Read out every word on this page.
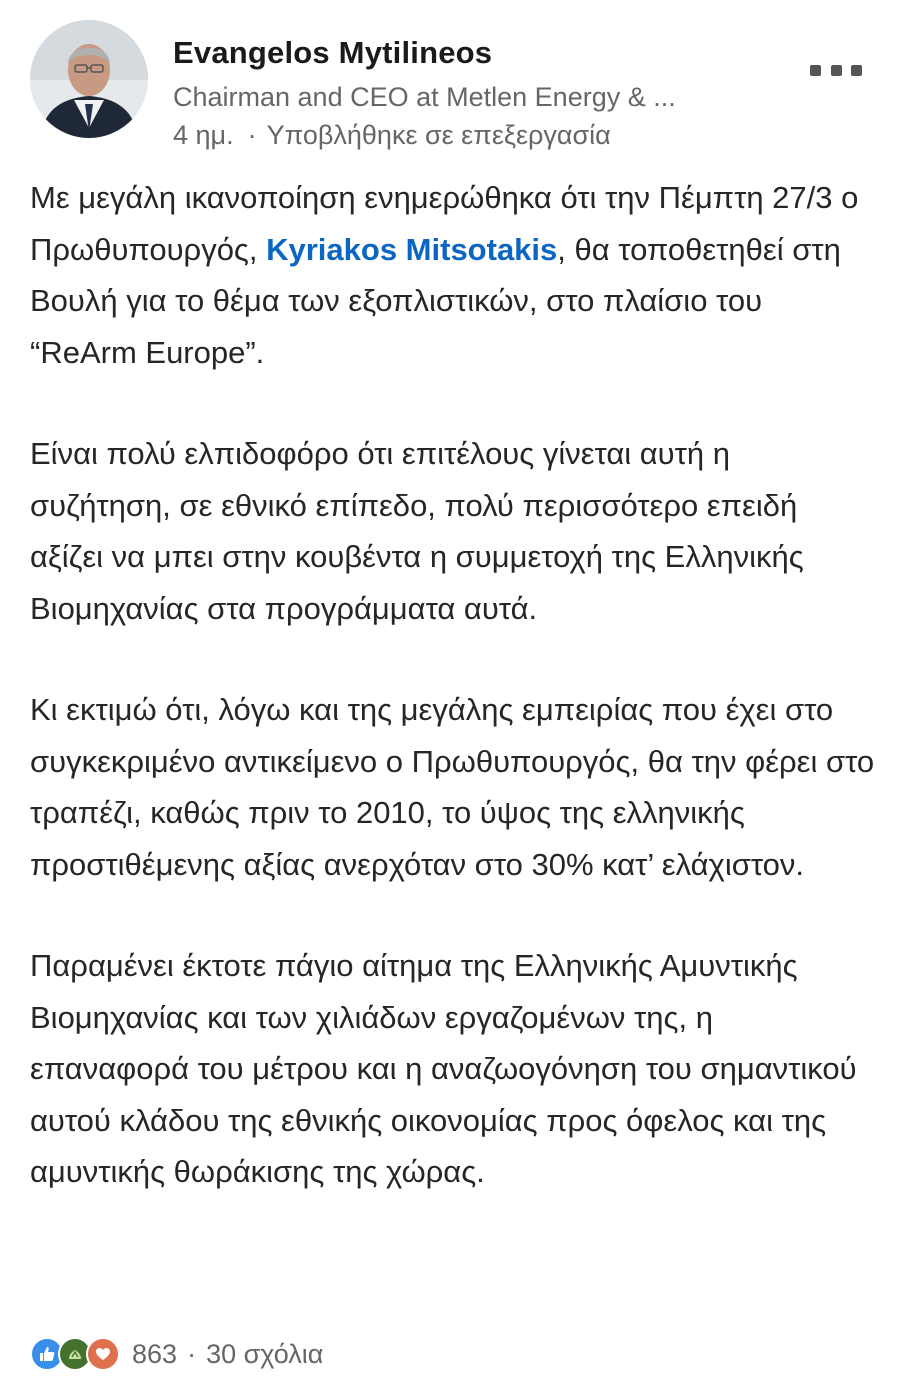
Evangelos Mytilineos
Chairman and CEO at Metlen Energy & ...
4 ημ. · Υποβλήθηκε σε επεξεργασία

Με μεγάλη ικανοποίηση ενημερώθηκα ότι την Πέμπτη 27/3 ο Πρωθυπουργός, Kyriakos Mitsotakis, θα τοποθετηθεί στη Βουλή για το θέμα των εξοπλιστικών, στο πλαίσιο του “ReArm Europe”.

Είναι πολύ ελπιδοφόρο ότι επιτέλους γίνεται αυτή η συζήτηση, σε εθνικό επίπεδο, πολύ περισσότερο επειδή αξίζει να μπει στην κουβέντα η συμμετοχή της Ελληνικής Βιομηχανίας στα προγράμματα αυτά.

Κι εκτιμώ ότι, λόγω και της μεγάλης εμπειρίας που έχει στο συγκεκριμένο αντικείμενο ο Πρωθυπουργός, θα την φέρει στο τραπέζι, καθώς πριν το 2010, το ύψος της ελληνικής προστιθέμενης αξίας ανερχόταν στο 30% κατ’ ελάχιστον.

Παραμένει έκτοτε πάγιο αίτημα της Ελληνικής Αμυντικής Βιομηχανίας και των χιλιάδων εργαζομένων της, η επαναφορά του μέτρου και η αναζωογόνηση του σημαντικού αυτού κλάδου της εθνικής οικονομίας προς όφελος και της αμυντικής θωράκισης της χώρας.

863 · 30 σχόλια
